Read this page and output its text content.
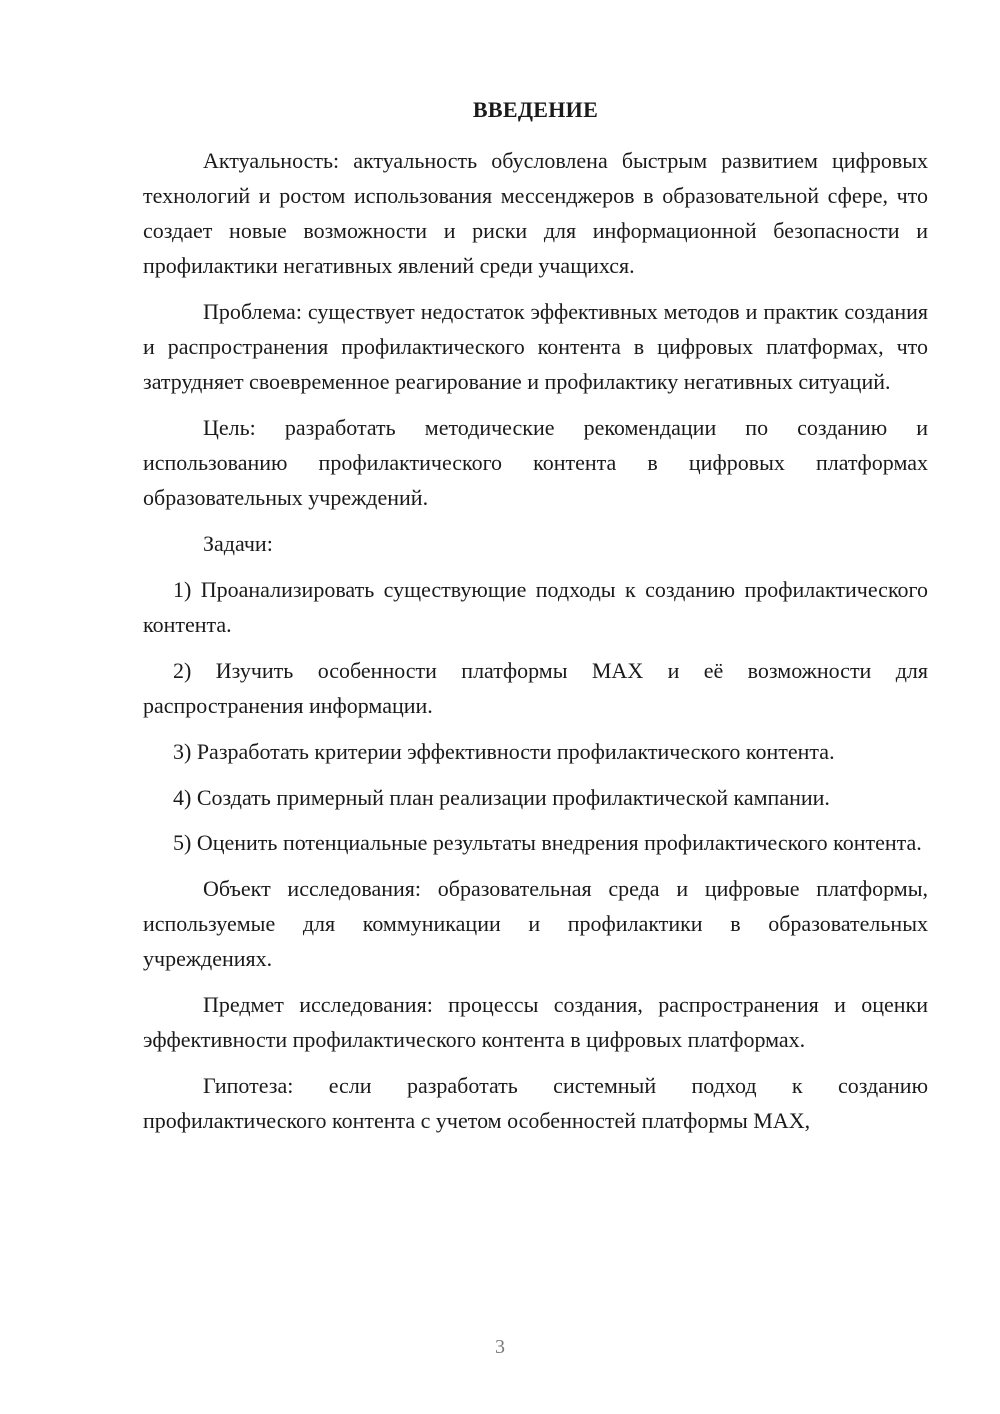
ВВЕДЕНИЕ

Актуальность: актуальность обусловлена быстрым развитием цифровых технологий и ростом использования мессенджеров в образовательной сфере, что создает новые возможности и риски для информационной безопасности и профилактики негативных явлений среди учащихся.

Проблема: существует недостаток эффективных методов и практик создания и распространения профилактического контента в цифровых платформах, что затрудняет своевременное реагирование и профилактику негативных ситуаций.

Цель: разработать методические рекомендации по созданию и использованию профилактического контента в цифровых платформах образовательных учреждений.

Задачи:

1) Проанализировать существующие подходы к созданию профилактического контента.

2) Изучить особенности платформы MAX и её возможности для распространения информации.

3) Разработать критерии эффективности профилактического контента.

4) Создать примерный план реализации профилактической кампании.

5) Оценить потенциальные результаты внедрения профилактического контента.

Объект исследования: образовательная среда и цифровые платформы, используемые для коммуникации и профилактики в образовательных учреждениях.

Предмет исследования: процессы создания, распространения и оценки эффективности профилактического контента в цифровых платформах.

Гипотеза: если разработать системный подход к созданию профилактического контента с учетом особенностей платформы MAX,

3
